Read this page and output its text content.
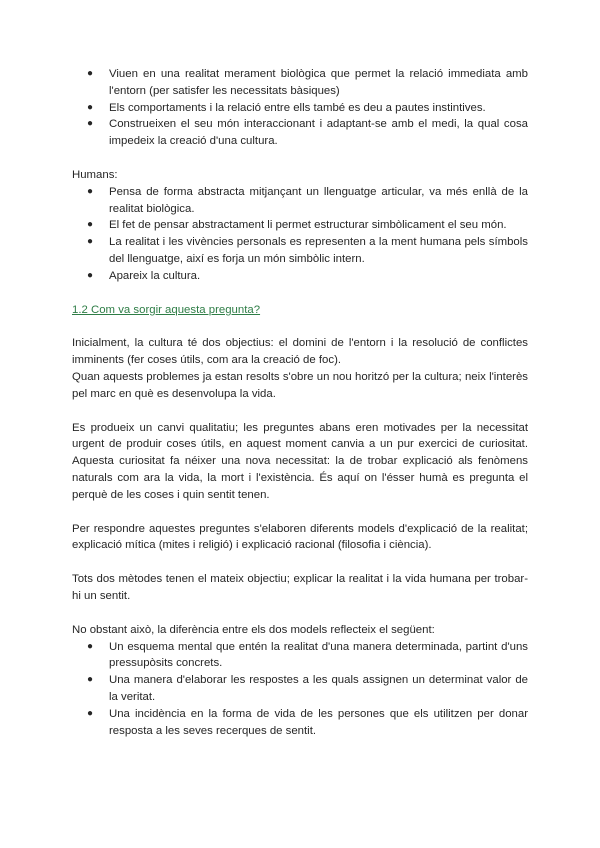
● Viuen en una realitat merament biològica que permet la relació immediata amb l'entorn (per satisfer les necessitats bàsiques)
● Els comportaments i la relació entre ells també es deu a pautes instintives.
● Construeixen el seu món interaccionant i adaptant-se amb el medi, la qual cosa impedeix la creació d'una cultura.

Humans:

● Pensa de forma abstracta mitjançant un llenguatge articular, va més enllà de la realitat biològica.
● El fet de pensar abstractament li permet estructurar simbòlicament el seu món.
● La realitat i les vivències personals es representen a la ment humana pels símbols del llenguatge, així es forja un món simbòlic intern.
● Apareix la cultura.

1.2 Com va sorgir aquesta pregunta?

Inicialment, la cultura té dos objectius: el domini de l'entorn i la resolució de conflictes imminents (fer coses útils, com ara la creació de foc).

Quan aquests problemes ja estan resolts s'obre un nou horitzó per la cultura; neix l'interès pel marc en què es desenvolupa la vida.

Es produeix un canvi qualitatiu; les preguntes abans eren motivades per la necessitat urgent de produir coses útils, en aquest moment canvia a un pur exercici de curiositat. Aquesta curiositat fa néixer una nova necessitat: la de trobar explicació als fenòmens naturals com ara la vida, la mort i l'existència. És aquí on l'ésser humà es pregunta el perquè de les coses i quin sentit tenen.

Per respondre aquestes preguntes s'elaboren diferents models d'explicació de la realitat; explicació mítica (mites i religió) i explicació racional (filosofia i ciència).

Tots dos mètodes tenen el mateix objectiu; explicar la realitat i la vida humana per trobar-hi un sentit.

No obstant això, la diferència entre els dos models reflecteix el següent:

● Un esquema mental que entén la realitat d'una manera determinada, partint d'uns pressupòsits concrets.
● Una manera d'elaborar les respostes a les quals assignen un determinat valor de la veritat.
● Una incidència en la forma de vida de les persones que els utilitzen per donar resposta a les seves recerques de sentit.
